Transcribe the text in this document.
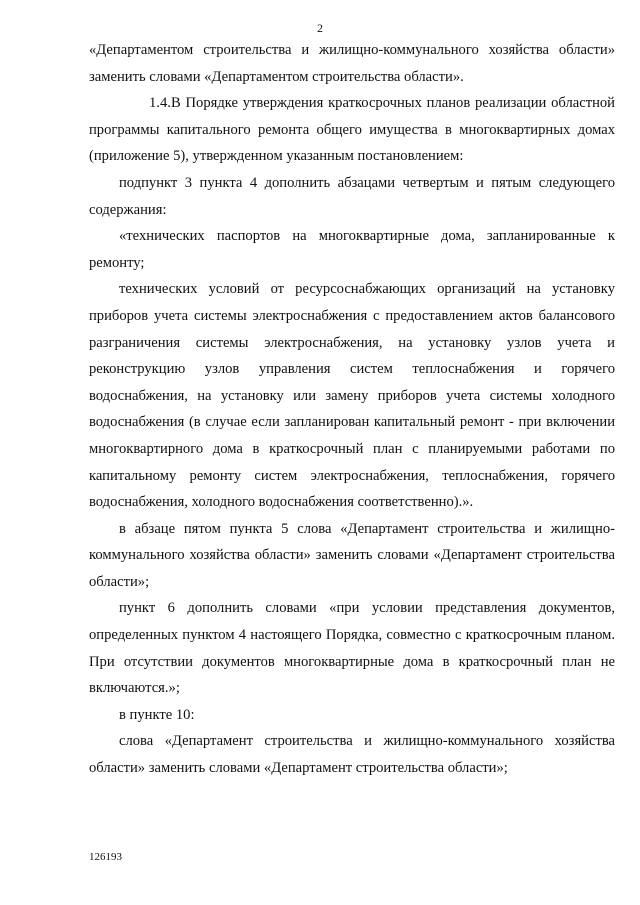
2

«Департаментом строительства и жилищно-коммунального хозяйства области» заменить словами «Департаментом строительства области».

1.4.В Порядке утверждения краткосрочных планов реализации областной программы капитального ремонта общего имущества в многоквартирных домах (приложение 5), утвержденном указанным постановлением:

подпункт 3 пункта 4 дополнить абзацами четвертым и пятым следующего содержания:

«технических паспортов на многоквартирные дома, запланированные к ремонту;

технических условий от ресурсоснабжающих организаций на установку приборов учета системы электроснабжения с предоставлением актов балансового разграничения системы электроснабжения, на установку узлов учета и реконструкцию узлов управления систем теплоснабжения и горячего водоснабжения, на установку или замену приборов учета системы холодного водоснабжения (в случае если запланирован капитальный ремонт - при включении многоквартирного дома в краткосрочный план с планируемыми работами по капитальному ремонту систем электроснабжения, теплоснабжения, горячего водоснабжения, холодного водоснабжения соответственно).».

в абзаце пятом пункта 5 слова «Департамент строительства и жилищно-коммунального хозяйства области» заменить словами «Департамент строительства области»;

пункт 6 дополнить словами «при условии представления документов, определенных пунктом 4 настоящего Порядка, совместно с краткосрочным планом. При отсутствии документов многоквартирные дома в краткосрочный план не включаются.»;

в пункте 10:

слова «Департамент строительства и жилищно-коммунального хозяйства области» заменить словами «Департамент строительства области»;

126193
